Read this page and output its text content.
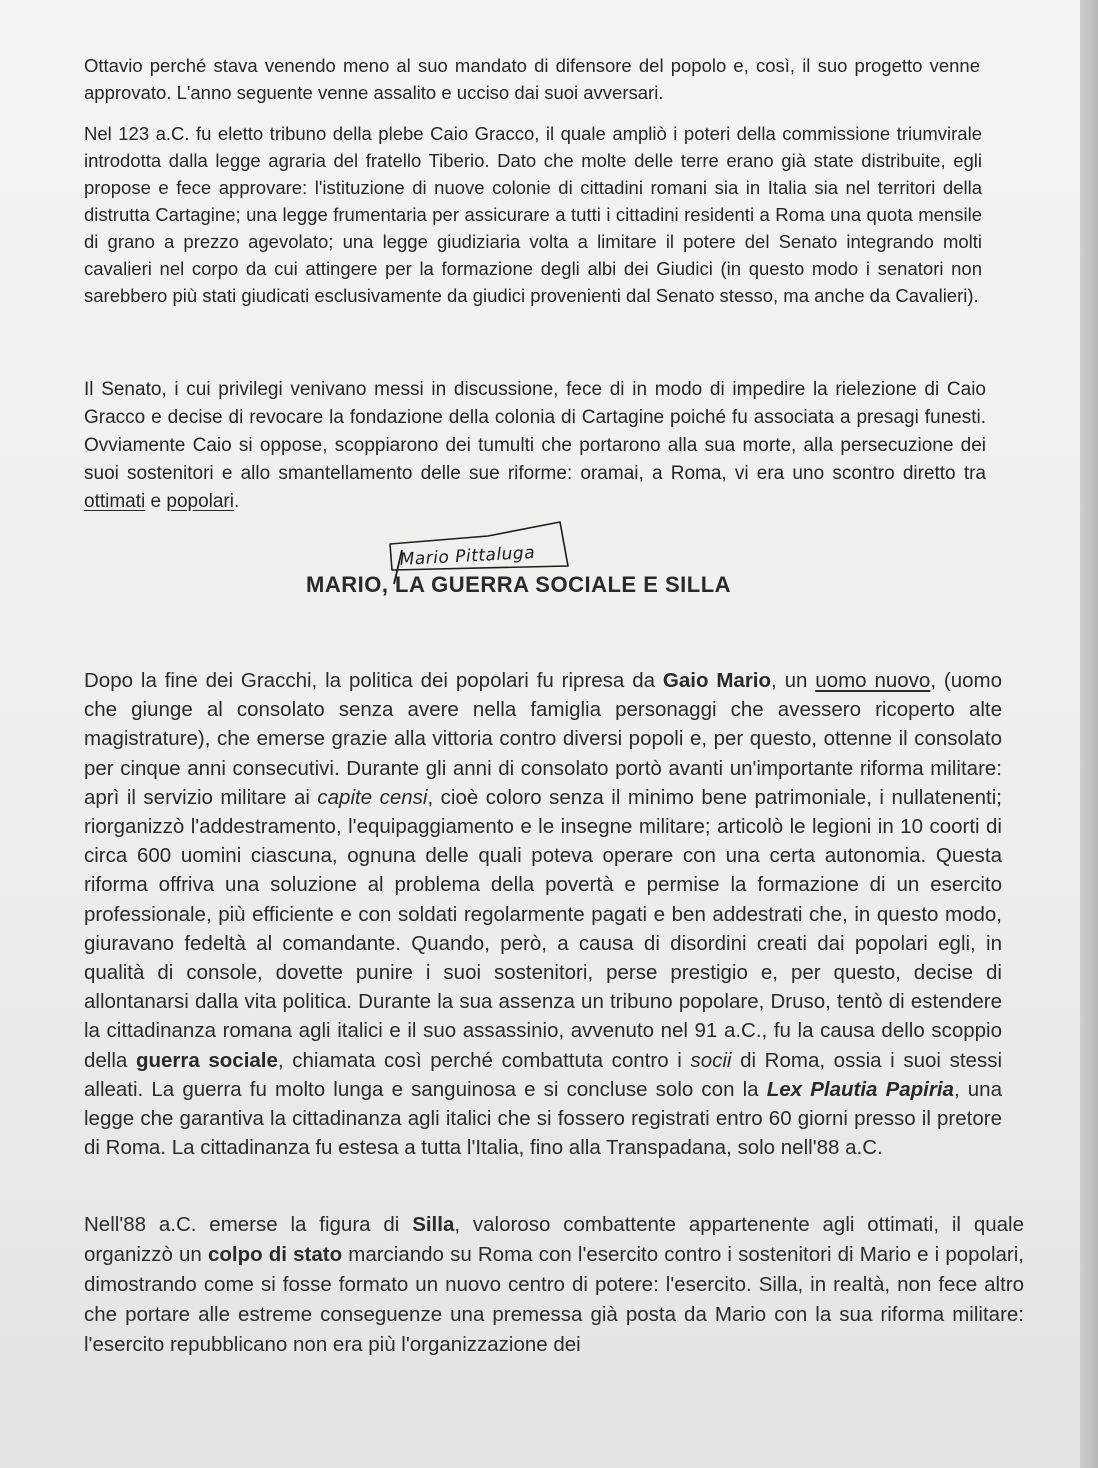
Ottavio perché stava venendo meno al suo mandato di difensore del popolo e, così, il suo progetto venne approvato. L'anno seguente venne assalito e ucciso dai suoi avversari.

Nel 123 a.C. fu eletto tribuno della plebe Caio Gracco, il quale ampliò i poteri della commissione triumvirale introdotta dalla legge agraria del fratello Tiberio. Dato che molte delle terre erano già state distribuite, egli propose e fece approvare: l'istituzione di nuove colonie di cittadini romani sia in Italia sia nel territori della distrutta Cartagine; una legge frumentaria per assicurare a tutti i cittadini residenti a Roma una quota mensile di grano a prezzo agevolato; una legge giudiziaria volta a limitare il potere del Senato integrando molti cavalieri nel corpo da cui attingere per la formazione degli albi dei Giudici (in questo modo i senatori non sarebbero più stati giudicati esclusivamente da giudici provenienti dal Senato stesso, ma anche da Cavalieri).

Il Senato, i cui privilegi venivano messi in discussione, fece di in modo di impedire la rielezione di Caio Gracco e decise di revocare la fondazione della colonia di Cartagine poiché fu associata a presagi funesti. Ovviamente Caio si oppose, scoppiarono dei tumulti che portarono alla sua morte, alla persecuzione dei suoi sostenitori e allo smantellamento delle sue riforme: oramai, a Roma, vi era uno scontro diretto tra ottimati e popolari.

Mario Pittaluga
MARIO, LA GUERRA SOCIALE E SILLA

Dopo la fine dei Gracchi, la politica dei popolari fu ripresa da Gaio Mario, un uomo nuovo, (uomo che giunge al consolato senza avere nella famiglia personaggi che avessero ricoperto alte magistrature), che emerse grazie alla vittoria contro diversi popoli e, per questo, ottenne il consolato per cinque anni consecutivi. Durante gli anni di consolato portò avanti un'importante riforma militare: aprì il servizio militare ai capite censi, cioè coloro senza il minimo bene patrimoniale, i nullatenenti; riorganizzò l'addestramento, l'equipaggiamento e le insegne militare; articolò le legioni in 10 coorti di circa 600 uomini ciascuna, ognuna delle quali poteva operare con una certa autonomia. Questa riforma offriva una soluzione al problema della povertà e permise la formazione di un esercito professionale, più efficiente e con soldati regolarmente pagati e ben addestrati che, in questo modo, giuravano fedeltà al comandante. Quando, però, a causa di disordini creati dai popolari egli, in qualità di console, dovette punire i suoi sostenitori, perse prestigio e, per questo, decise di allontanarsi dalla vita politica. Durante la sua assenza un tribuno popolare, Druso, tentò di estendere la cittadinanza romana agli italici e il suo assassinio, avvenuto nel 91 a.C., fu la causa dello scoppio della guerra sociale, chiamata così perché combattuta contro i socii di Roma, ossia i suoi stessi alleati. La guerra fu molto lunga e sanguinosa e si concluse solo con la Lex Plautia Papiria, una legge che garantiva la cittadinanza agli italici che si fossero registrati entro 60 giorni presso il pretore di Roma. La cittadinanza fu estesa a tutta l'Italia, fino alla Transpadana, solo nell'88 a.C.

Nell'88 a.C. emerse la figura di Silla, valoroso combattente appartenente agli ottimati, il quale organizzò un colpo di stato marciando su Roma con l'esercito contro i sostenitori di Mario e i popolari, dimostrando come si fosse formato un nuovo centro di potere: l'esercito. Silla, in realtà, non fece altro che portare alle estreme conseguenze una premessa già posta da Mario con la sua riforma militare: l'esercito repubblicano non era più l'organizzazione dei
